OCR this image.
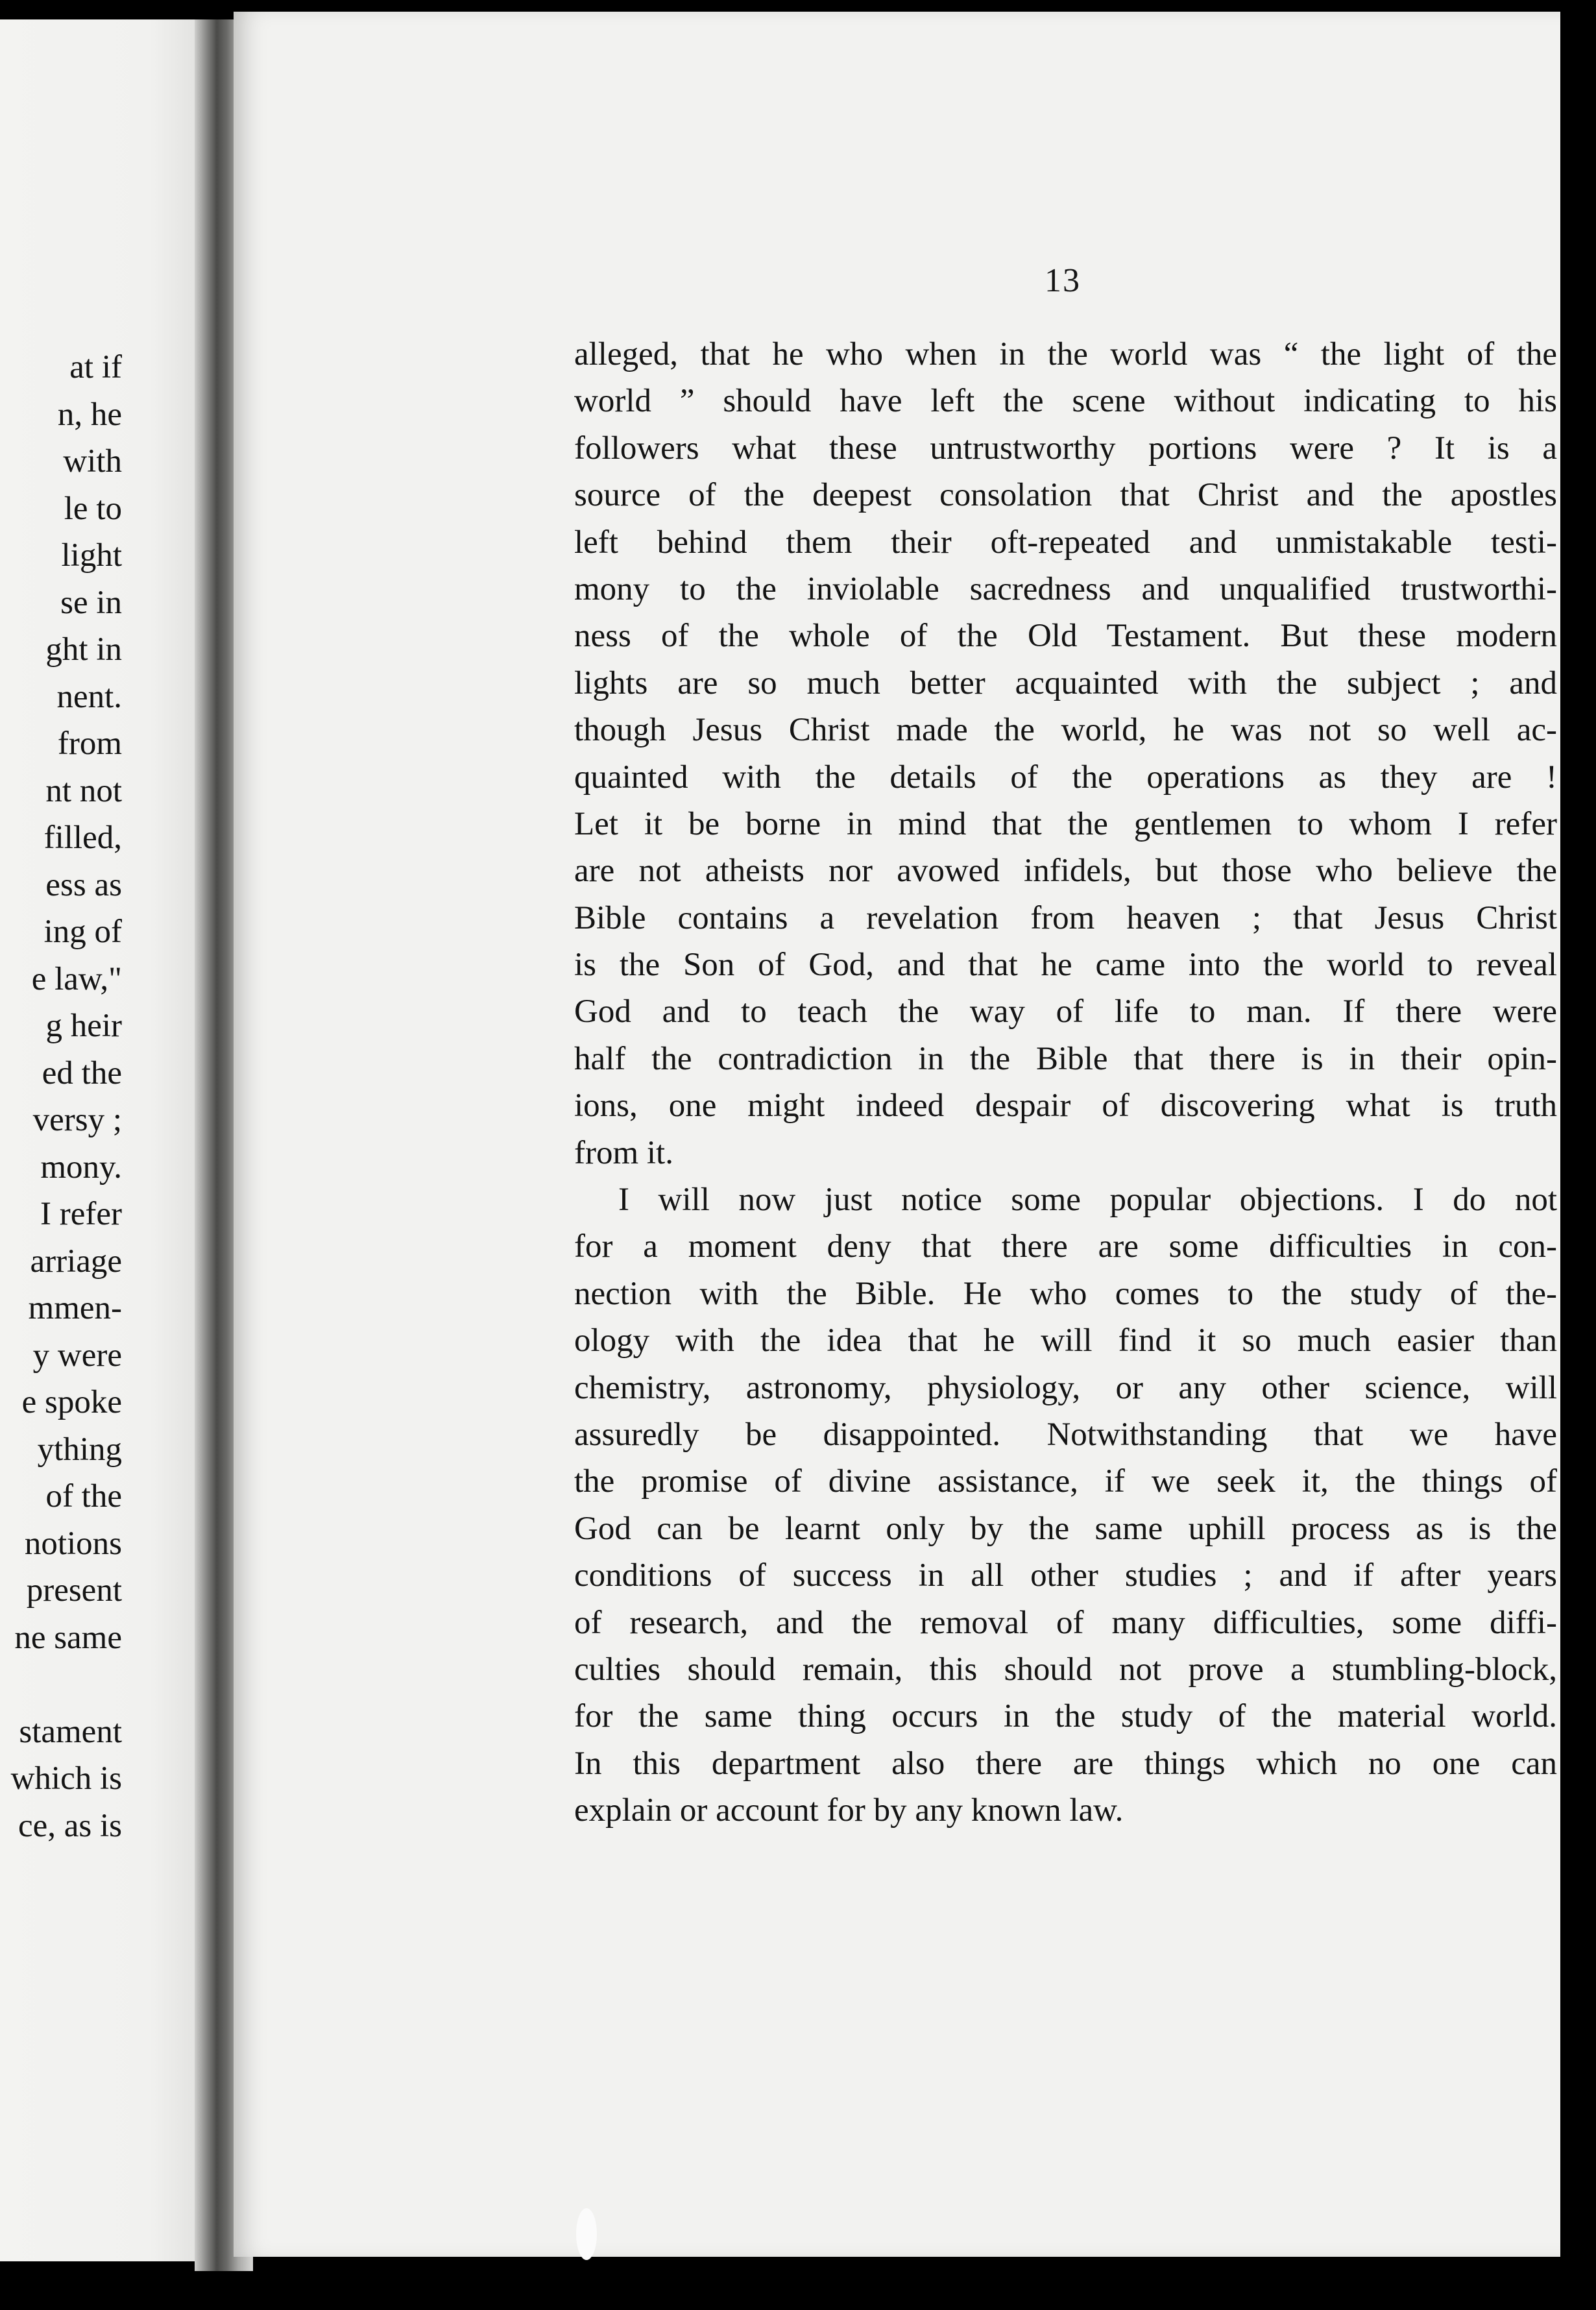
at if
n, he
with
le to
light
se in
ght in
nent.
from
nt not
filled,
ess as
ing of
e law,"
g heir
ed the
versy ;
mony.
I refer
arriage
mmen-
y were
e spoke
ything
of the
notions
present
ne same
stament
which is
ce, as is
13
alleged, that he who when in the world was “ the light of the
world ” should have left the scene without indicating to his
followers what these untrustworthy portions were ? It is a
source of the deepest consolation that Christ and the apostles
left behind them their oft-repeated and unmistakable testi-
mony to the inviolable sacredness and unqualified trustworthi-
ness of the whole of the Old Testament. But these modern
lights are so much better acquainted with the subject ; and
though Jesus Christ made the world, he was not so well ac-
quainted with the details of the operations as they are !
Let it be borne in mind that the gentlemen to whom I refer
are not atheists nor avowed infidels, but those who believe the
Bible contains a revelation from heaven ; that Jesus Christ
is the Son of God, and that he came into the world to reveal
God and to teach the way of life to man. If there were
half the contradiction in the Bible that there is in their opin-
ions, one might indeed despair of discovering what is truth
from it.
I will now just notice some popular objections. I do not
for a moment deny that there are some difficulties in con-
nection with the Bible. He who comes to the study of the-
ology with the idea that he will find it so much easier than
chemistry, astronomy, physiology, or any other science, will
assuredly be disappointed. Notwithstanding that we have
the promise of divine assistance, if we seek it, the things of
God can be learnt only by the same uphill process as is the
conditions of success in all other studies ; and if after years
of research, and the removal of many difficulties, some diffi-
culties should remain, this should not prove a stumbling-block,
for the same thing occurs in the study of the material world.
In this department also there are things which no one can
explain or account for by any known law.
